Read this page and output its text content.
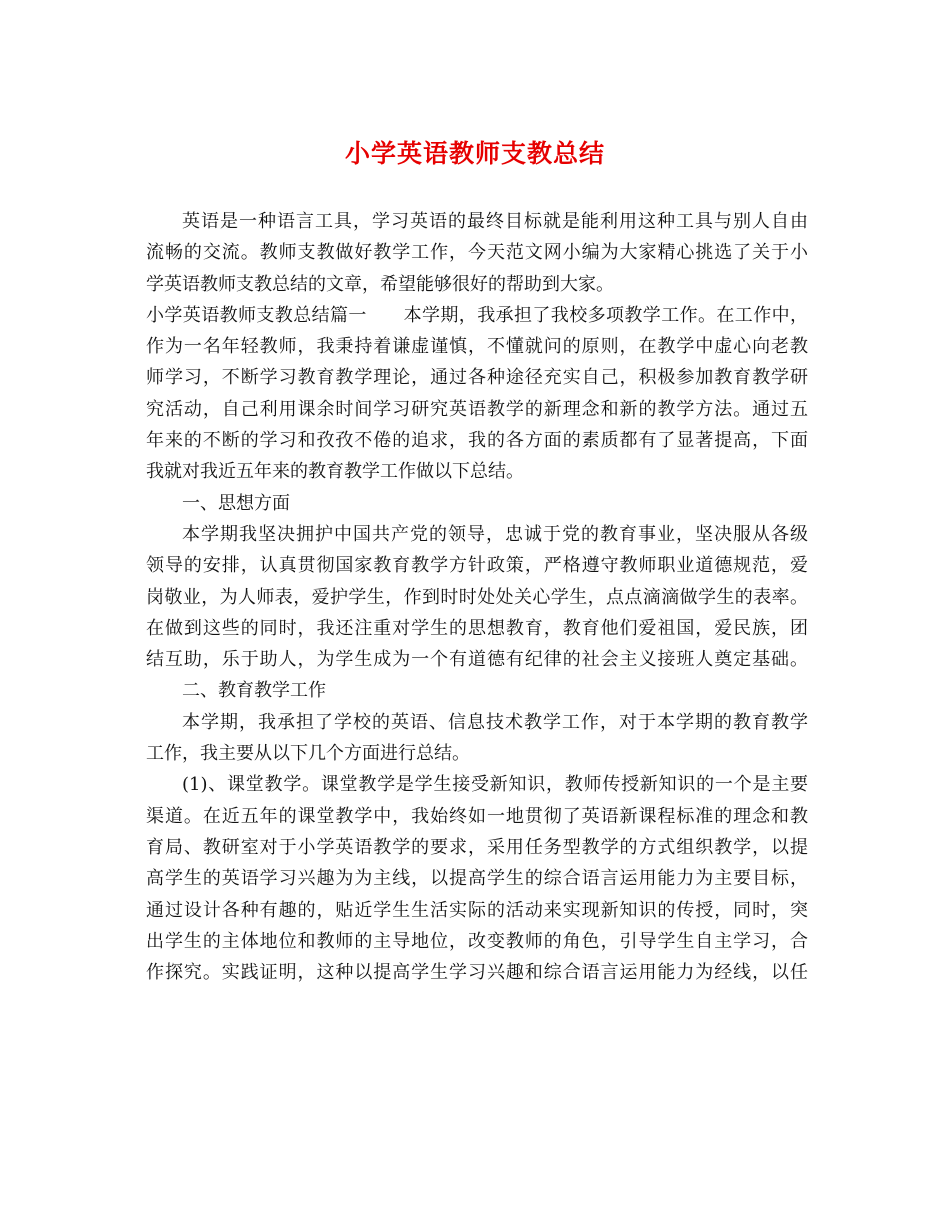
小学英语教师支教总结
英语是一种语言工具，学习英语的最终目标就是能利用这种工具与别人自由
流畅的交流。教师支教做好教学工作，今天范文网小编为大家精心挑选了关于小
学英语教师支教总结的文章，希望能够很好的帮助到大家。
小学英语教师支教总结篇一　　本学期，我承担了我校多项教学工作。在工作中，
作为一名年轻教师，我秉持着谦虚谨慎，不懂就问的原则，在教学中虚心向老教
师学习，不断学习教育教学理论，通过各种途径充实自己，积极参加教育教学研
究活动，自己利用课余时间学习研究英语教学的新理念和新的教学方法。通过五
年来的不断的学习和孜孜不倦的追求，我的各方面的素质都有了显著提高，下面
我就对我近五年来的教育教学工作做以下总结。
一、思想方面
本学期我坚决拥护中国共产党的领导，忠诚于党的教育事业，坚决服从各级
领导的安排，认真贯彻国家教育教学方针政策，严格遵守教师职业道德规范，爱
岗敬业，为人师表，爱护学生，作到时时处处关心学生，点点滴滴做学生的表率。
在做到这些的同时，我还注重对学生的思想教育，教育他们爱祖国，爱民族，团
结互助，乐于助人，为学生成为一个有道德有纪律的社会主义接班人奠定基础。
二、教育教学工作
本学期，我承担了学校的英语、信息技术教学工作，对于本学期的教育教学
工作，我主要从以下几个方面进行总结。
(1)、课堂教学。课堂教学是学生接受新知识，教师传授新知识的一个是主要
渠道。在近五年的课堂教学中，我始终如一地贯彻了英语新课程标准的理念和教
育局、教研室对于小学英语教学的要求，采用任务型教学的方式组织教学，以提
高学生的英语学习兴趣为为主线，以提高学生的综合语言运用能力为主要目标，
通过设计各种有趣的，贴近学生生活实际的活动来实现新知识的传授，同时，突
出学生的主体地位和教师的主导地位，改变教师的角色，引导学生自主学习，合
作探究。实践证明，这种以提高学生学习兴趣和综合语言运用能力为经线，以任
